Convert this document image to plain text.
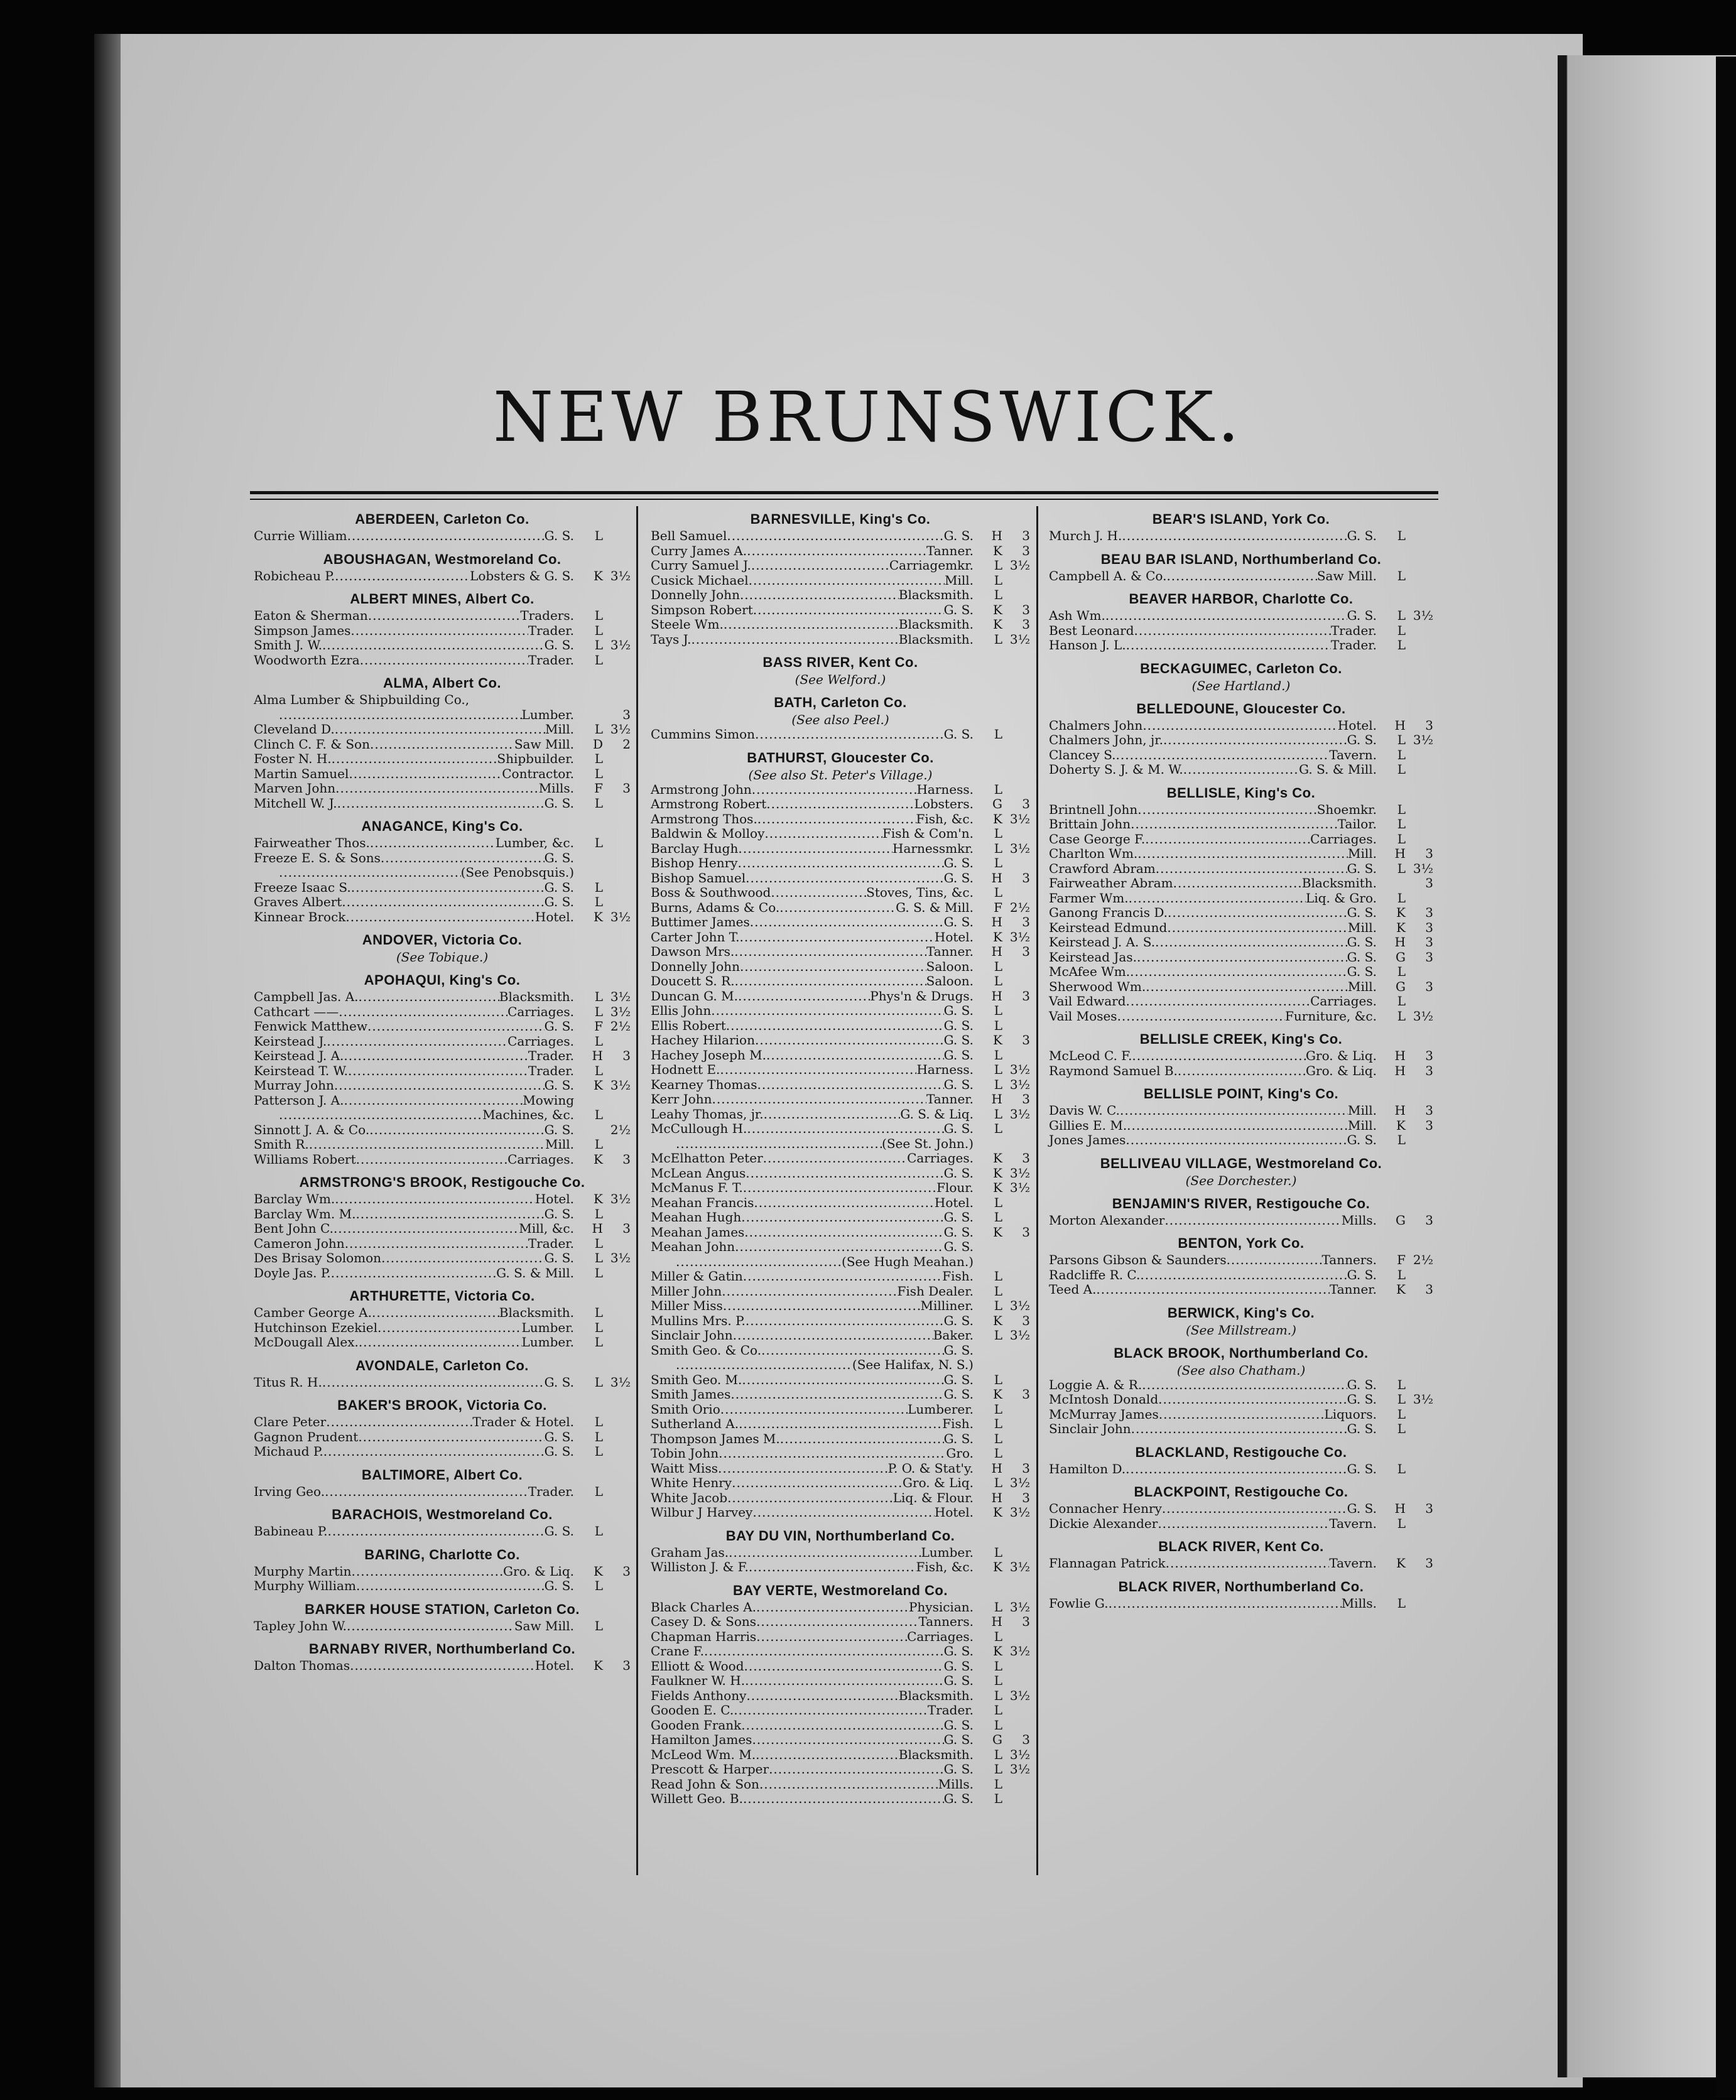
NEW BRUNSWICK.
ABERDEEN, Carleton Co.
Currie William .....	G. S.	L
ABOUSHAGAN, Westmoreland Co.
Robicheau P. .....	Lobsters & G. S.	K 3½
ALBERT MINES, Albert Co.
Eaton & Sherman .....	Traders.	L
Simpson James .....	Trader.	L
Smith J. W. .....	G. S.	L 3½
Woodworth Ezra .....	Trader.	L
ALMA, Albert Co.
Alma Lumber & Shipbuilding Co.,
.....
Lumber.	3
Cleveland D. .....	Mill.	L 3½
Clinch C. F. & Son .....	Saw Mill.	D	2
Foster N. H. .....	Shipbuilder.	L
Martin Samuel .....	Contractor.	L
Marven John .....	Mills.	F	3
Mitchell W. J. .....	G. S.	L
ANAGANCE, King's Co.
Fairweather Thos. .....	Lumber, &c.	L
Freeze E. S. & Sons .....	G. S.
.....
(See Penobsquis.)
Freeze Isaac S. .....	G. S.	L
Graves Albert .....	G. S.	L
Kinnear Brock .....	Hotel.	K 3½
ANDOVER, Victoria Co.
(See Tobique.)
APOHAQUI, King's Co.
Campbell Jas. A. .....	Blacksmith.	L 3½
Cathcart —— .....	Carriages.	L 3½
Fenwick Matthew .....	G. S.	F 2½
Keirstead J. .....	Carriages.	L
Keirstead J. A. .....	Trader.	H	3
Keirstead T. W. .....	Trader.	L
Murray John .....	G. S.	K 3½
Patterson J. A. .....	Mowing
.....
Machines, &c.	L
Sinnott J. A. & Co. .....	G. S.	2½
Smith R. .....	Mill.	L
Williams Robert .....	Carriages.	K	3
ARMSTRONG'S BROOK, Restigouche Co.
Barclay Wm. .....	Hotel.	K 3½
Barclay Wm. M. .....	G. S.	L
Bent John C. .....	Mill, &c.	H	3
Cameron John .....	Trader.	L
Des Brisay Solomon .....	G. S.	L 3½
Doyle Jas. P. .....	G. S. & Mill.	L
ARTHURETTE, Victoria Co.
Camber George A. .....	Blacksmith.	L
Hutchinson Ezekiel .....	Lumber.	L
McDougall Alex. .....	Lumber.	L
AVONDALE, Carleton Co.
Titus R. H. .....	G. S.	L 3½
BAKER'S BROOK, Victoria Co.
Clare Peter .....	Trader & Hotel.	L
Gagnon Prudent .....	G. S.	L
Michaud P. .....	G. S.	L
BALTIMORE, Albert Co.
Irving Geo. .....	Trader.	L
BARACHOIS, Westmoreland Co.
Babineau P. .....	G. S.	L
BARING, Charlotte Co.
Murphy Martin .....	Gro. & Liq.	K	3
Murphy William .....	G. S.	L
BARKER HOUSE STATION, Carleton Co.
Tapley John W. .....	Saw Mill.	L
BARNABY RIVER, Northumberland Co.
Dalton Thomas .....	Hotel.	K	3
BARNESVILLE, King's Co.
Bell Samuel .....	G. S.	H	3
Curry James A. .....	Tanner.	K	3
Curry Samuel J. .....	Carriagemkr.	L 3½
Cusick Michael .....	Mill.	L
Donnelly John .....	Blacksmith.	L
Simpson Robert .....	G. S.	K	3
Steele Wm. .....	Blacksmith.	K	3
Tays J. .....	Blacksmith.	L 3½
BASS RIVER, Kent Co.
(See Welford.)
BATH, Carleton Co.
(See also Peel.)
Cummins Simon .....	G. S.	L
BATHURST, Gloucester Co.
(See also St. Peter's Village.)
Armstrong John .....	Harness.	L
Armstrong Robert .....	Lobsters.	G	3
Armstrong Thos. .....	Fish, &c.	K 3½
Baldwin & Molloy .....	Fish & Com'n.	L
Barclay Hugh .....	Harnessmkr.	L 3½
Bishop Henry .....	G. S.	L
Bishop Samuel .....	G. S.	H	3
Boss & Southwood .....	Stoves, Tins, &c.	L
Burns, Adams & Co. .....	G. S. & Mill.	F 2½
Buttimer James .....	G. S.	H	3
Carter John T. .....	Hotel.	K 3½
Dawson Mrs. .....	Tanner.	H	3
Donnelly John .....	Saloon.	L
Doucett S. R. .....	Saloon.	L
Duncan G. M. .....	Phys'n & Drugs.	H	3
Ellis John .....	G. S.	L
Ellis Robert .....	G. S.	L
Hachey Hilarion .....	G. S.	K	3
Hachey Joseph M. .....	G. S.	L
Hodnett E. .....	Harness.	L 3½
Kearney Thomas .....	G. S.	L 3½
Kerr John .....	Tanner.	H	3
Leahy Thomas, jr. .....	G. S. & Liq.	L 3½
McCullough H. .....	G. S.	L
.....
(See St. John.)
McElhatton Peter .....	Carriages.	K	3
McLean Angus .....	G. S.	K 3½
McManus F. T. .....	Flour.	K 3½
Meahan Francis .....	Hotel.	L
Meahan Hugh .....	G. S.	L
Meahan James .....	G. S.	K	3
Meahan John .....	G. S.
.....
(See Hugh Meahan.)
Miller & Gatin .....	Fish.	L
Miller John .....	Fish Dealer.	L
Miller Miss .....	Milliner.	L 3½
Mullins Mrs. P. .....	G. S.	K	3
Sinclair John .....	Baker.	L 3½
Smith Geo. & Co. .....	G. S.
.....
(See Halifax, N. S.)
Smith Geo. M. .....	G. S.	L
Smith James .....	G. S.	K	3
Smith Orio .....	Lumberer.	L
Sutherland A. .....	Fish.	L
Thompson James M. .....	G. S.	L
Tobin John .....	Gro.	L
Waitt Miss .....	P. O. & Stat'y.	H	3
White Henry .....	Gro. & Liq.	L 3½
White Jacob .....	Liq. & Flour.	H	3
Wilbur J Harvey .....	Hotel.	K 3½
BAY DU VIN, Northumberland Co.
Graham Jas. .....	Lumber.	L
Williston J. & F. .....	Fish, &c.	K 3½
BAY VERTE, Westmoreland Co.
Black Charles A. .....	Physician.	L 3½
Casey D. & Sons .....	Tanners.	H	3
Chapman Harris .....	Carriages.	L
Crane F. .....	G. S.	K 3½
Elliott & Wood .....	G. S.	L
Faulkner W. H. .....	G. S.	L
Fields Anthony .....	Blacksmith.	L 3½
Gooden E. C. .....	Trader.	L
Gooden Frank .....	G. S.	L
Hamilton James .....	G. S.	G	3
McLeod Wm. M. .....	Blacksmith.	L 3½
Prescott & Harper .....	G. S.	L 3½
Read John & Son .....	Mills.	L
Willett Geo. B. .....	G. S.	L
BEAR'S ISLAND, York Co.
Murch J. H. .....	G. S.	L
BEAU BAR ISLAND, Northumberland Co.
Campbell A. & Co. .....	Saw Mill.	L
BEAVER HARBOR, Charlotte Co.
Ash Wm. .....	G. S.	L 3½
Best Leonard .....	Trader.	L
Hanson J. L. .....	Trader.	L
BECKAGUIMEC, Carleton Co.
(See Hartland.)
BELLEDOUNE, Gloucester Co.
Chalmers John .....	Hotel.	H	3
Chalmers John, jr. .....	G. S.	L 3½
Clancey S. .....	Tavern.	L
Doherty S. J. & M. W. .....	G. S. & Mill.	L
BELLISLE, King's Co.
Brintnell John .....	Shoemkr.	L
Brittain John .....	Tailor.	L
Case George F. .....	Carriages.	L
Charlton Wm. .....	Mill.	H	3
Crawford Abram .....	G. S.	L 3½
Fairweather Abram .....	Blacksmith.	3
Farmer Wm. .....	Liq. & Gro.	L
Ganong Francis D. .....	G. S.	K	3
Keirstead Edmund .....	Mill.	K	3
Keirstead J. A. S. .....	G. S.	H	3
Keirstead Jas. .....	G. S.	G	3
McAfee Wm. .....	G. S.	L
Sherwood Wm. .....	Mill.	G	3
Vail Edward .....	Carriages.	L
Vail Moses .....	Furniture, &c.	L 3½
BELLISLE CREEK, King's Co.
McLeod C. F. .....	Gro. & Liq.	H	3
Raymond Samuel B. .....	Gro. & Liq.	H	3
BELLISLE POINT, King's Co.
Davis W. C. .....	Mill.	H	3
Gillies E. M. .....	Mill.	K	3
Jones James .....	G. S.	L
BELLIVEAU VILLAGE, Westmoreland Co.
(See Dorchester.)
BENJAMIN'S RIVER, Restigouche Co.
Morton Alexander .....	Mills.	G	3
BENTON, York Co.
Parsons Gibson & Saunders .....	Tanners.	F 2½
Radcliffe R. C. .....	G. S.	L
Teed A. .....	Tanner.	K	3
BERWICK, King's Co.
(See Millstream.)
BLACK BROOK, Northumberland Co.
(See also Chatham.)
Loggie A. & R. .....	G. S.	L
McIntosh Donald .....	G. S.	L 3½
McMurray James .....	Liquors.	L
Sinclair John .....	G. S.	L
BLACKLAND, Restigouche Co.
Hamilton D. .....	G. S.	L
BLACKPOINT, Restigouche Co.
Connacher Henry .....	G. S.	H	3
Dickie Alexander .....	Tavern.	L
BLACK RIVER, Kent Co.
Flannagan Patrick .....	Tavern.	K	3
BLACK RIVER, Northumberland Co.
Fowlie G. .....	Mills.	L
